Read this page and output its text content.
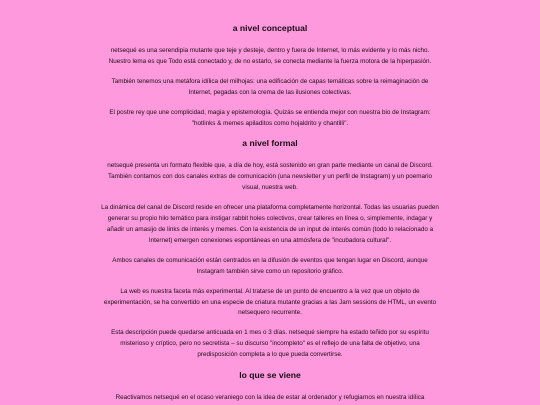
a nivel conceptual

netsequé es una serendipia mutante que teje y desteje, dentro y fuera de Internet, lo más evidente y lo más nicho. Nuestro lema es que Todo está conectado y, de no estarlo, se conecta mediante la fuerza motora de la hiperpasión.

También tenemos una metáfora idílica del milhojas: una edificación de capas temáticas sobre la reimaginación de Internet, pegadas con la crema de las ilusiones colectivas.

El postre rey que une complicidad, magia y epistemología. Quizás se entienda mejor con nuestra bio de Instagram: "hotlinks & memes apiladitos como hojaldrito y chantilli".

a nivel formal

netsequé presenta un formato flexible que, a día de hoy, está sostenido en gran parte mediante un canal de Discord. También contamos con dos canales extras de comunicación (una newsletter y un perfil de Instagram) y un poemario visual, nuestra web.

La dinámica del canal de Discord reside en ofrecer una plataforma completamente horizontal. Todas las usuarias pueden generar su propio hilo temático para instigar rabbit holes colectivos, crear talleres en línea o, simplemente, indagar y añadir un amasijo de links de interés y memes. Con la existencia de un input de interés común (todo lo relacionado a Internet) emergen conexiones espontáneas en una atmósfera de "incubadora cultural".

Ambos canales de comunicación están centrados en la difusión de eventos que tengan lugar en Discord, aunque Instagram también sirve como un repositorio gráfico.

La web es nuestra faceta más experimental. Al tratarse de un punto de encuentro a la vez que un objeto de experimentación, se ha convertido en una especie de criatura mutante gracias a las Jam sessions de HTML, un evento netsequero recurrente.

Esta descripción puede quedarse anticuada en 1 mes o 3 días. netsequé siempre ha estado teñido por su espíritu misterioso y críptico, pero no secretista – su discurso "incompleto" es el reflejo de una falta de objetivo, una predisposición completa a lo que pueda convertirse.

lo que se viene

Reactivamos netsequé en el ocaso veraniego con la idea de estar al ordenador y refugiarnos en nuestra idílica
